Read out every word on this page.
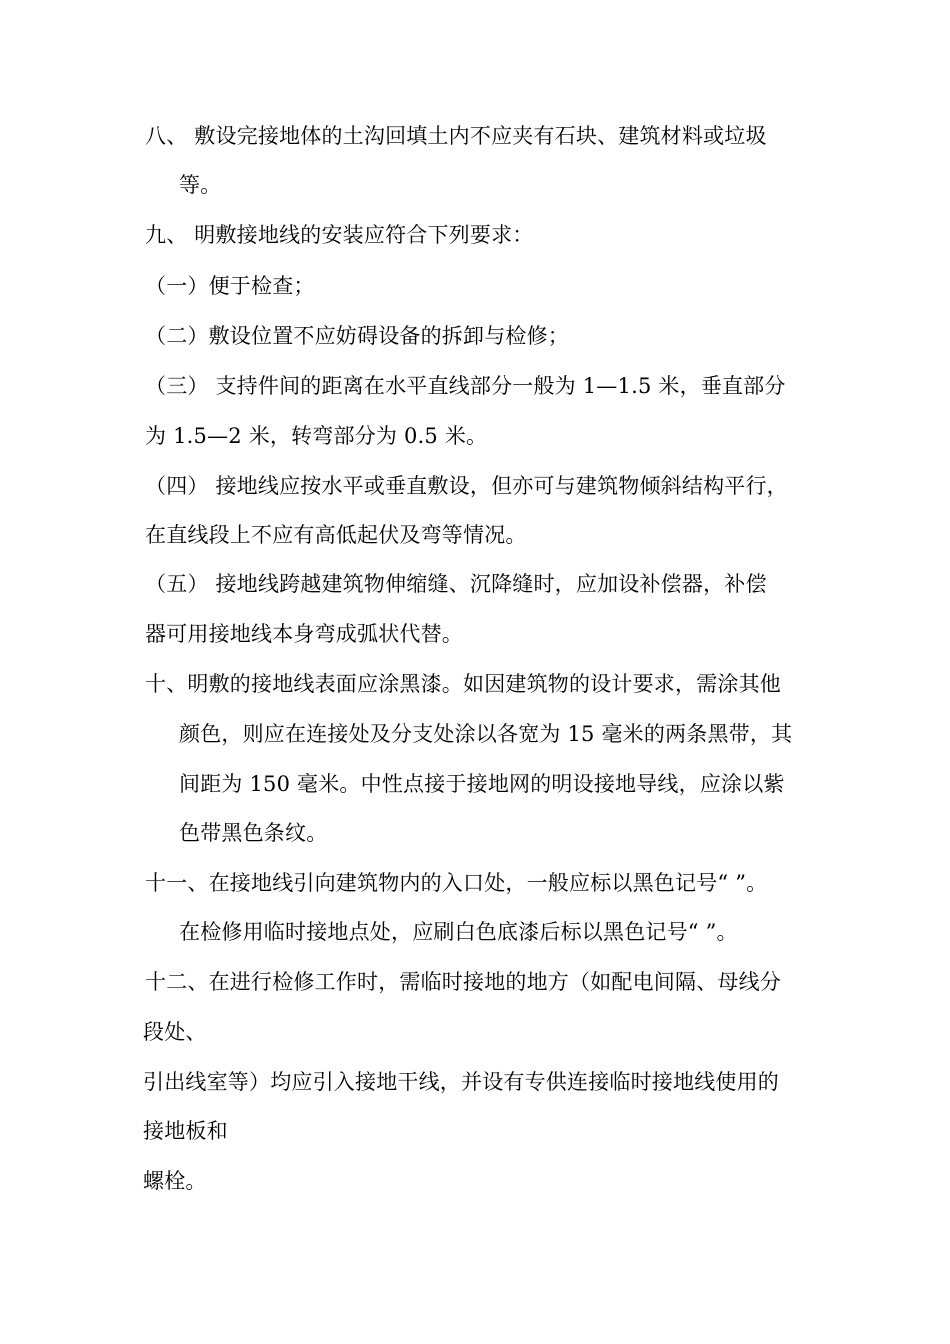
八、 敷设完接地体的土沟回填土内不应夹有石块、建筑材料或垃圾
等。
九、 明敷接地线的安装应符合下列要求：
（一）便于检查；
（二）敷设位置不应妨碍设备的拆卸与检修；
（三） 支持件间的距离在水平直线部分一般为 1—1.5 米，垂直部分
为 1.5—2 米，转弯部分为 0.5 米。
（四） 接地线应按水平或垂直敷设，但亦可与建筑物倾斜结构平行，
在直线段上不应有高低起伏及弯等情况。
（五） 接地线跨越建筑物伸缩缝、沉降缝时，应加设补偿器，补偿
器可用接地线本身弯成弧状代替。
十、明敷的接地线表面应涂黑漆。如因建筑物的设计要求，需涂其他
颜色，则应在连接处及分支处涂以各宽为 15 毫米的两条黑带，其
间距为 150 毫米。中性点接于接地网的明设接地导线，应涂以紫
色带黑色条纹。
十一、在接地线引向建筑物内的入口处，一般应标以黑色记号“ ”。
在检修用临时接地点处，应刷白色底漆后标以黑色记号“ ”。
十二、在进行检修工作时，需临时接地的地方（如配电间隔、母线分
段处、
引出线室等）均应引入接地干线，并设有专供连接临时接地线使用的
接地板和
螺栓。
